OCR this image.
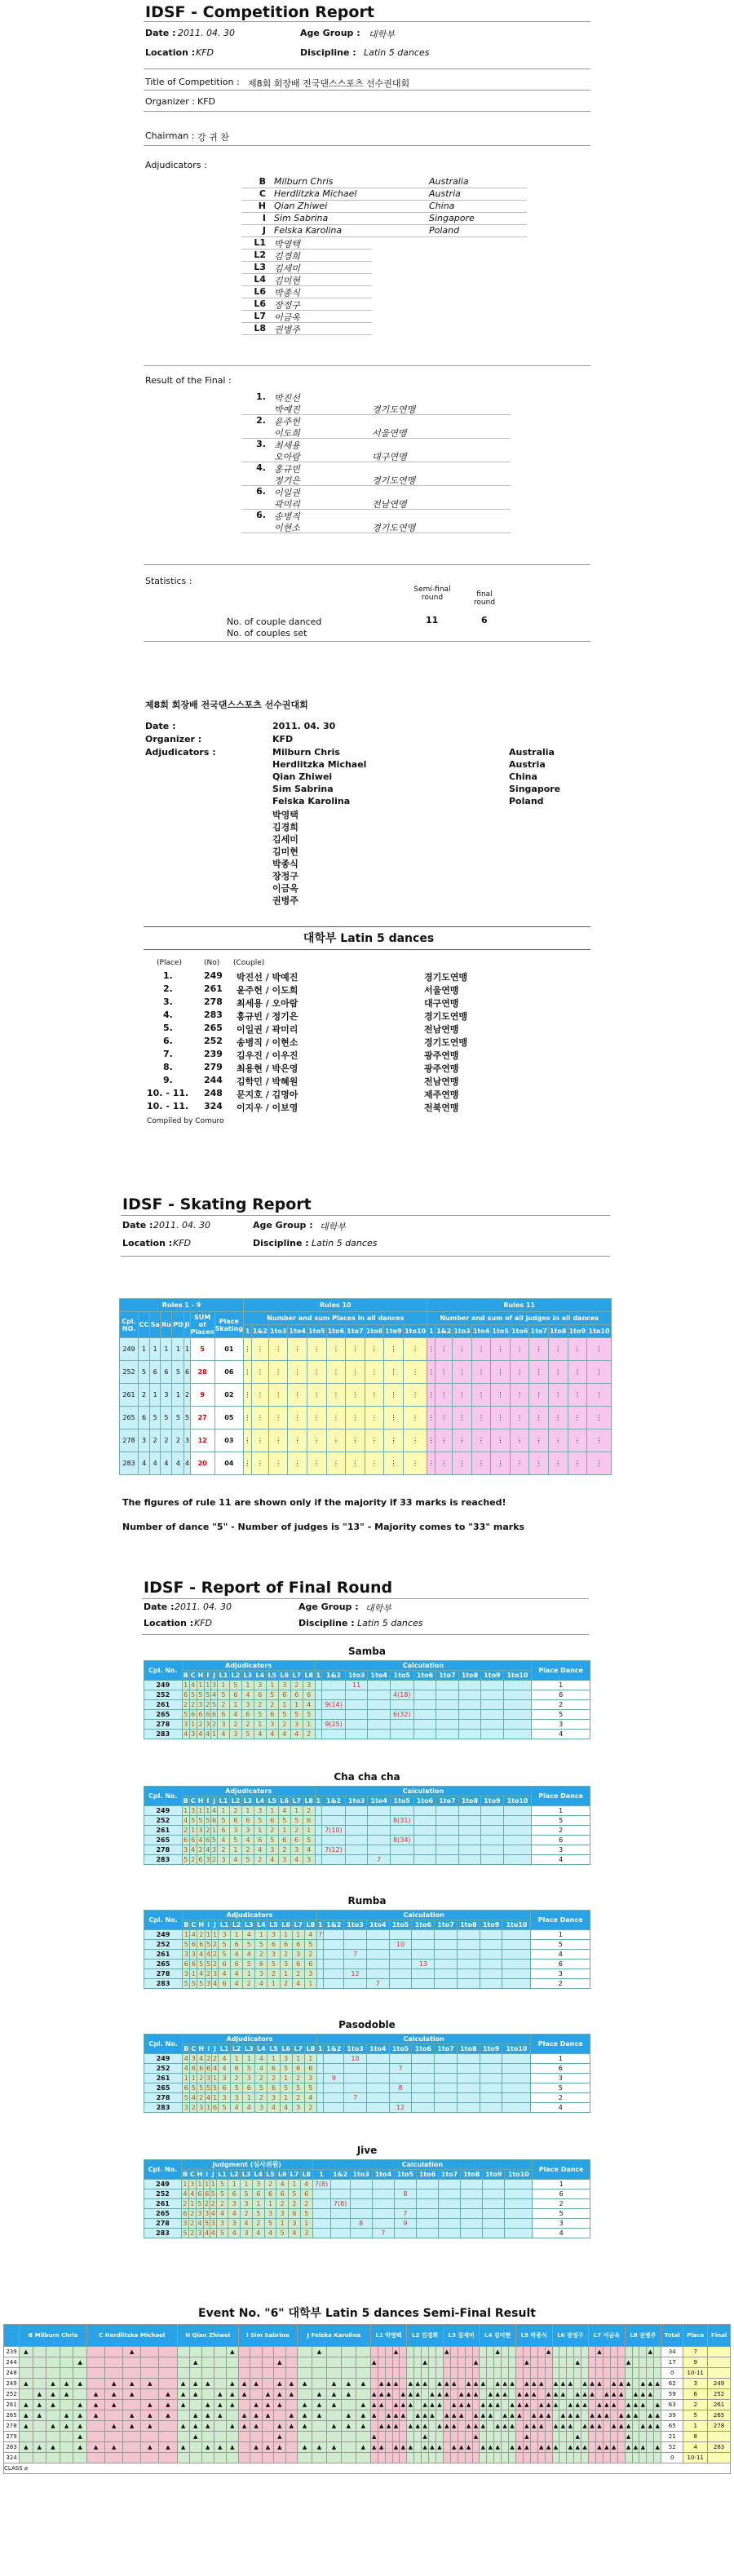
IDSF - Competition Report
Date : 2011. 04. 30	Age Group : 대학부
Location : KFD	Discipline : Latin 5 dances
Title of Competition : 제8회 회장배 전국댄스스포츠 선수권대회
Organizer : KFD
Chairman : 강 귀 찬
Adjudicators :
B Milburn Chris	Australia
C Herdlitzka Michael	Austria
H Qian Zhiwei	China
I Sim Sabrina	Singapore
J Felska Karolina	Poland
L1 박영택
L2 김경희
L3 김세미
L4 김미현
L6 박종식
L6 장정구
L7 이금옥
L8 권병주
Result of the Final :
1. 박진선
박예진	경기도연맹
2. 윤주헌
이도희	서울연맹
3. 최세용
오아람	대구연맹
4. 홍규빈
정기은	경기도연맹
6. 이일권
곽미리	전남연맹
6. 송병직
이현소	경기도연맹
Statistics :
Semi-final round	final round
11	6
No. of couple danced
No. of couples set
제8회 회장배 전국댄스스포츠 선수권대회
Date :	2011. 04. 30
Organizer :	KFD
Adjudicators :	Milburn Chris	Australia
Herdlitzka Michael	Austria
Qian Zhiwei	China
Sim Sabrina	Singapore
Felska Karolina	Poland
박영택
김경희
김세미
김미현
박종식
장정구
이금옥
권병주
대학부 Latin 5 dances
(Place)	(No) (Couple)
1.	249 박진선 / 박예진	경기도연맹
2.	261 윤주헌 / 이도희	서울연맹
3.	278 최세용 / 오아람	대구연맹
4.	283 홍규빈 / 정기은	경기도연맹
5.	265 이일권 / 곽미리	전남연맹
6.	252 송병직 / 이현소	경기도연맹
7.	239 김우진 / 이우진	광주연맹
8.	279 최용현 / 박은영	광주연맹
9.	244 김학민 / 박혜원	전남연맹
10. - 11. 248 문지호 / 김명아	제주연맹
10. - 11. 324 이지우 / 이보영	전북연맹
Compiled by Comuro
IDSF - Skating Report
Date : 2011. 04. 30	Age Group : 대학부
Location : KFD	Discipline : Latin 5 dances
Rules 1 - 9								Rules 10										Rules 11									
Cpl. NO.	CC	Sa	Ru	PD	Ji	SUM of Places	Place Skating	Number and sum Places in all dances										Number and sum of all judges in all dances									
								1	1&2	1to3	1to4	1to5	1to6	1to7	1to8	1to9	1to10	1	1&2	1to3	1to4	1to5	1to6	1to7	1to8	1to9	1to10
249	1	1	1	1	1	5	01	⋮	⋮	⋮	⋮	⋮	⋮	⋮	⋮	⋮	⋮	⋮	⋮	⋮	⋮	⋮	⋮	⋮	⋮	⋮	⋮
252	5	6	6	5	6	28	06	⋮	⋮	⋮	⋮	⋮	⋮	⋮	⋮	⋮	⋮	⋮	⋮	⋮	⋮	⋮	⋮	⋮	⋮	⋮	⋮
261	2	1	3	1	2	9	02	⋮	⋮	⋮	⋮	⋮	⋮	⋮	⋮	⋮	⋮	⋮	⋮	⋮	⋮	⋮	⋮	⋮	⋮	⋮	⋮
265	6	5	5	5	5	27	05	⋮	⋮	⋮	⋮	⋮	⋮	⋮	⋮	⋮	⋮	⋮	⋮	⋮	⋮	⋮	⋮	⋮	⋮	⋮	⋮
278	3	2	2	2	3	12	03	⋮	⋮	⋮	⋮	⋮	⋮	⋮	⋮	⋮	⋮	⋮	⋮	⋮	⋮	⋮	⋮	⋮	⋮	⋮	⋮
283	4	4	4	4	4	20	04	⋮	⋮	⋮	⋮	⋮	⋮	⋮	⋮	⋮	⋮	⋮	⋮	⋮	⋮	⋮	⋮	⋮	⋮	⋮	⋮
The figures of rule 11 are shown only if the majority if 33 marks is reached!
Number of dance "5" - Number of judges is "13" - Majority comes to "33" marks
IDSF - Report of Final Round
Date : 2011. 04. 30	Age Group : 대학부
Location : KFD	Discipline : Latin 5 dances
Samba
Cpl. No.	Adjudicators													Calculation										Place Dance
	B	C	H	I	J	L1	L2	L3	L4	L5	L6	L7	L8	1	1&2	1to3	1to4	1to5	1to6	1to7	1to8	1to9	1to10	
249	1	4	1	1	3	1	5	1	3	1	3	2	3			11								1
252	6	5	5	5	4	5	6	4	6	5	6	6	6					4(18)						6
261	2	2	3	2	5	2	1	3	2	2	1	1	4		9(14)									2
265	5	6	6	6	6	6	4	6	5	6	5	5	5					6(32)						5
278	3	1	2	3	2	3	2	2	1	3	2	3	1		9(25)									3
283	4	3	4	4	1	4	3	5	4	4	4	4	2											4
Cha cha cha
Cpl. No.	Adjudicators													Calculation										Place Dance
	B	C	H	I	J	L1	L2	L3	L4	L5	L6	L7	L8	1	1&2	1to3	1to4	1to5	1to6	1to7	1to8	1to9	1to10	
249	1	3	1	1	4	1	2	1	3	1	4	1	2											1
252	4	5	5	5	6	5	6	6	5	6	5	5	6					8(31)						5
261	2	1	3	2	1	6	3	3	1	2	1	2	1		7(10)									2
265	6	6	4	6	5	4	5	4	6	5	6	6	5					8(34)						6
278	3	4	2	4	3	2	1	2	4	3	2	3	4		7(12)									3
283	5	2	6	3	2	3	4	5	2	4	3	4	3				7							4
Rumba
Cpl. No.	Adjudicators													Calculation										Place Dance
	B	C	H	I	J	L1	L2	L3	L4	L5	L6	L7	L8	1	1&2	1to3	1to4	1to5	1to6	1to7	1to8	1to9	1to10	
249	1	4	2	1	1	3	1	4	1	3	1	1	4	7										1
252	5	6	6	5	2	5	6	5	5	6	6	6	5					10						5
261	3	3	4	4	2	5	4	4	2	3	2	3	2			7								4
265	6	6	5	5	2	6	6	5	6	5	3	6	6						13					6
278	3	1	4	2	3	4	4	1	3	2	1	2	3			12								3
283	5	5	5	3	4	6	4	2	4	1	2	4	1				7							2
Pasodoble
Cpl. No.	Adjudicators													Calculation										Place Dance
	B	C	H	I	J	L1	L2	L3	L4	L5	L6	L7	L8	1	1&2	1to3	1to4	1to5	1to6	1to7	1to8	1to9	1to10	
249	4	3	4	2	2	4	1	1	4	1	3	1	1			10								1
252	4	6	6	6	4	4	6	5	4	6	5	6	6					7						6
261	1	1	2	3	1	3	2	3	2	2	1	2	3		9									3
265	6	5	5	5	5	6	5	6	5	6	5	5	5					8						5
278	5	4	2	4	1	3	3	1	2	3	1	2	4			7								2
283	3	2	3	1	6	5	4	4	3	4	4	3	2					12						4
Jive
Cpl. No.	Judgment (심사위원)													Calculation										Place Dance
	B	C	H	I	J	L1	L2	L3	L4	L5	L6	L7	L8	1	1&2	1to3	1to4	1to5	1to6	1to7	1to8	1to9	1to10	
249	1	3	1	1	1	5	1	1	3	2	4	1	4	7(8)										1
252	4	4	6	6	5	5	6	5	6	6	6	5	6					8						6
261	2	1	5	2	2	2	3	3	1	1	2	2	2		7(8)									2
265	6	2	3	3	4	4	4	2	5	3	3	6	5					7						5
278	3	2	4	5	3	3	3	4	2	5	1	3	1			8		9						3
283	5	2	3	4	4	5	4	3	4	4	5	4	3				7							4
Event No. "6" 대학부 Latin 5 dances Semi-Final Result
	B Milburn Chris	C Herdlitzka Michael	H Qian Zhiwei	I Sim Sabrina	J Felska Karolina	L1 박영택	L2 김경희	L3 김세미	L4 김미현	L5 박종식	L6 장정구	L7 이금옥	L8 권병주	Total	Place	Final
239	▲							▲							▲							▲							▲							▲							▲							▲							▲							▲		34	7	
244					▲							▲							▲							▲							▲							▲							▲							▲							▲					17	9	
248																																																																		0	10-11	
249	▲		▲	▲	▲		▲	▲	▲		▲	▲	▲		▲	▲	▲		▲	▲	▲		▲	▲	▲		▲	▲	▲		▲	▲	▲		▲	▲	▲		▲	▲	▲		▲	▲	▲		▲	▲	▲		▲	▲	▲		▲	▲	▲		▲	▲	▲		▲	▲	▲	62	3	249
252		▲	▲	▲		▲	▲	▲		▲	▲	▲		▲	▲	▲		▲	▲	▲		▲	▲	▲		▲	▲	▲		▲	▲	▲		▲	▲	▲		▲	▲	▲		▲	▲	▲		▲	▲	▲		▲	▲	▲		▲	▲	▲		▲	▲	▲		▲	▲	▲		59	6	252
261	▲	▲	▲		▲	▲	▲		▲	▲	▲		▲	▲	▲		▲	▲	▲		▲	▲	▲		▲	▲	▲		▲	▲	▲		▲	▲	▲		▲	▲	▲		▲	▲	▲		▲	▲	▲		▲	▲	▲		▲	▲	▲		▲	▲	▲		▲	▲	▲		▲	63	2	261
265	▲	▲		▲	▲	▲		▲	▲	▲		▲	▲	▲		▲	▲	▲		▲	▲	▲		▲	▲	▲		▲	▲	▲		▲	▲	▲		▲	▲	▲		▲	▲	▲		▲	▲	▲		▲	▲	▲		▲	▲	▲		▲	▲	▲		▲	▲	▲		▲	▲	39	5	265
278	▲		▲	▲	▲		▲	▲	▲		▲	▲	▲		▲	▲	▲		▲	▲	▲		▲	▲	▲		▲	▲	▲		▲	▲	▲		▲	▲	▲		▲	▲	▲		▲	▲	▲		▲	▲	▲		▲	▲	▲		▲	▲	▲		▲	▲	▲		▲	▲	▲	65	1	278
279					▲							▲							▲							▲							▲							▲							▲							▲							▲					21	8	
283	▲	▲	▲		▲	▲	▲		▲	▲	▲		▲	▲	▲		▲	▲	▲		▲	▲	▲		▲	▲	▲		▲	▲	▲		▲	▲	▲		▲	▲	▲		▲	▲	▲		▲	▲	▲		▲	▲	▲		▲	▲	▲		▲	▲	▲		▲	▲	▲		▲	52	4	283
324																																																																		0	10-11	
CLASS ⌀
